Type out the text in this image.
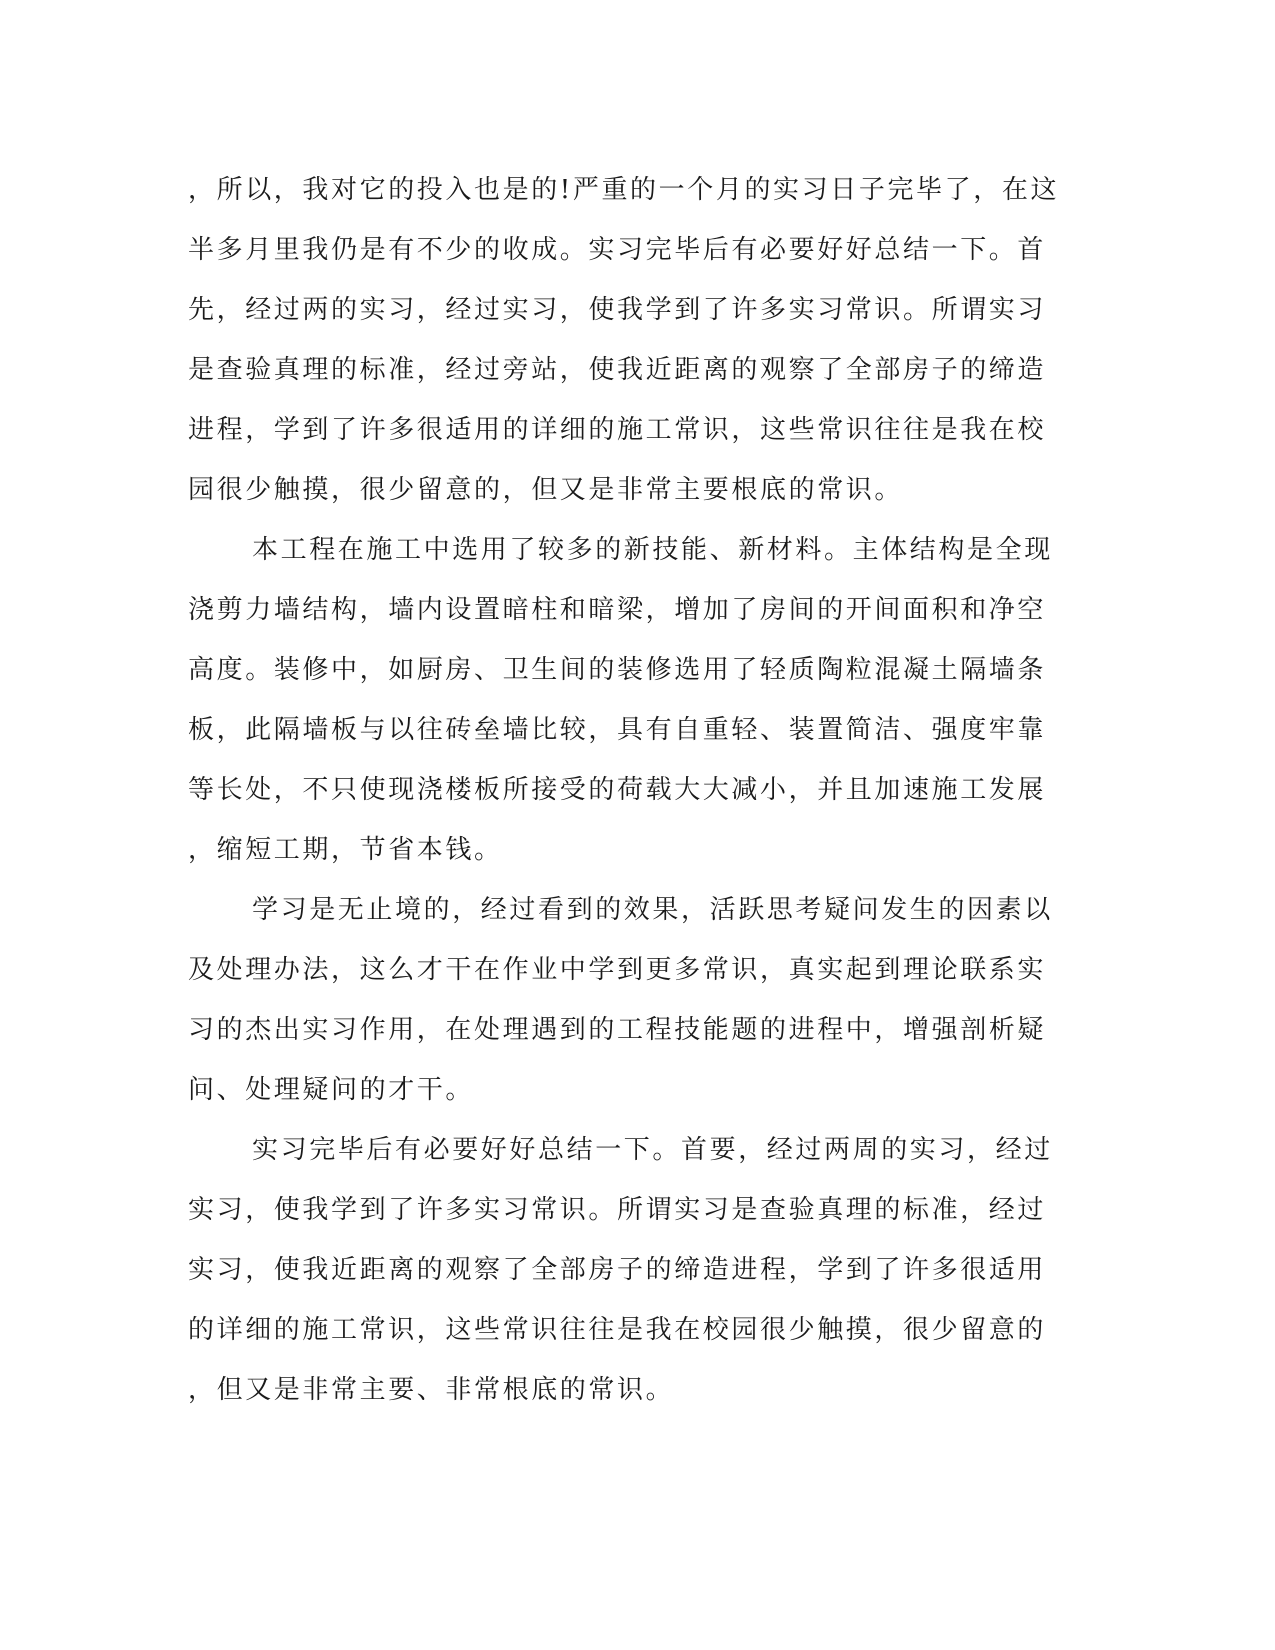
，所以，我对它的投入也是的!严重的一个月的实习日子完毕了，在这
半多月里我仍是有不少的收成。实习完毕后有必要好好总结一下。首
先，经过两的实习，经过实习，使我学到了许多实习常识。所谓实习
是查验真理的标准，经过旁站，使我近距离的观察了全部房子的缔造
进程，学到了许多很适用的详细的施工常识，这些常识往往是我在校
园很少触摸，很少留意的，但又是非常主要根底的常识。
本工程在施工中选用了较多的新技能、新材料。主体结构是全现
浇剪力墙结构，墙内设置暗柱和暗梁，增加了房间的开间面积和净空
高度。装修中，如厨房、卫生间的装修选用了轻质陶粒混凝土隔墙条
板，此隔墙板与以往砖垒墙比较，具有自重轻、装置简洁、强度牢靠
等长处，不只使现浇楼板所接受的荷载大大减小，并且加速施工发展
，缩短工期，节省本钱。
学习是无止境的，经过看到的效果，活跃思考疑问发生的因素以
及处理办法，这么才干在作业中学到更多常识，真实起到理论联系实
习的杰出实习作用，在处理遇到的工程技能题的进程中，增强剖析疑
问、处理疑问的才干。
实习完毕后有必要好好总结一下。首要，经过两周的实习，经过
实习，使我学到了许多实习常识。所谓实习是查验真理的标准，经过
实习，使我近距离的观察了全部房子的缔造进程，学到了许多很适用
的详细的施工常识，这些常识往往是我在校园很少触摸，很少留意的
，但又是非常主要、非常根底的常识。
